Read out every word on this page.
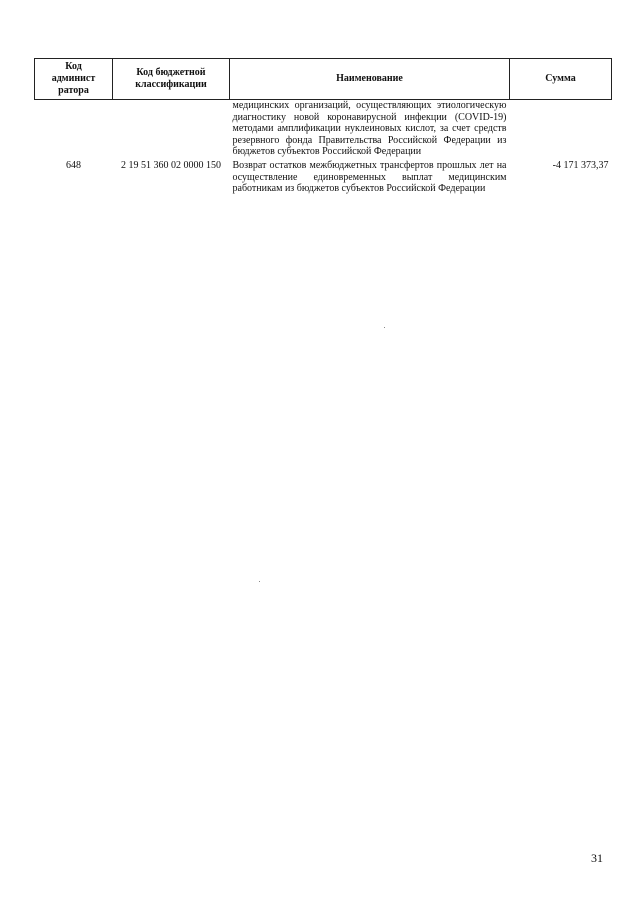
Код
админист
ратора	Код бюджетной
классификации	Наименование	Сумма
		медицинских организаций, осуществляющих этиологическую диагностику новой коронавирусной инфекции (COVID-19) методами амплификации нуклеиновых кислот, за счет средств резервного фонда Правительства Российской Федерации из бюджетов субъектов Российской Федерации	
648	2 19 51 360 02 0000 150	Возврат остатков межбюджетных трансфертов прошлых лет на осуществление единовременных выплат медицинским работникам из бюджетов субъектов Российской Федерации	-4 171 373,37
31
